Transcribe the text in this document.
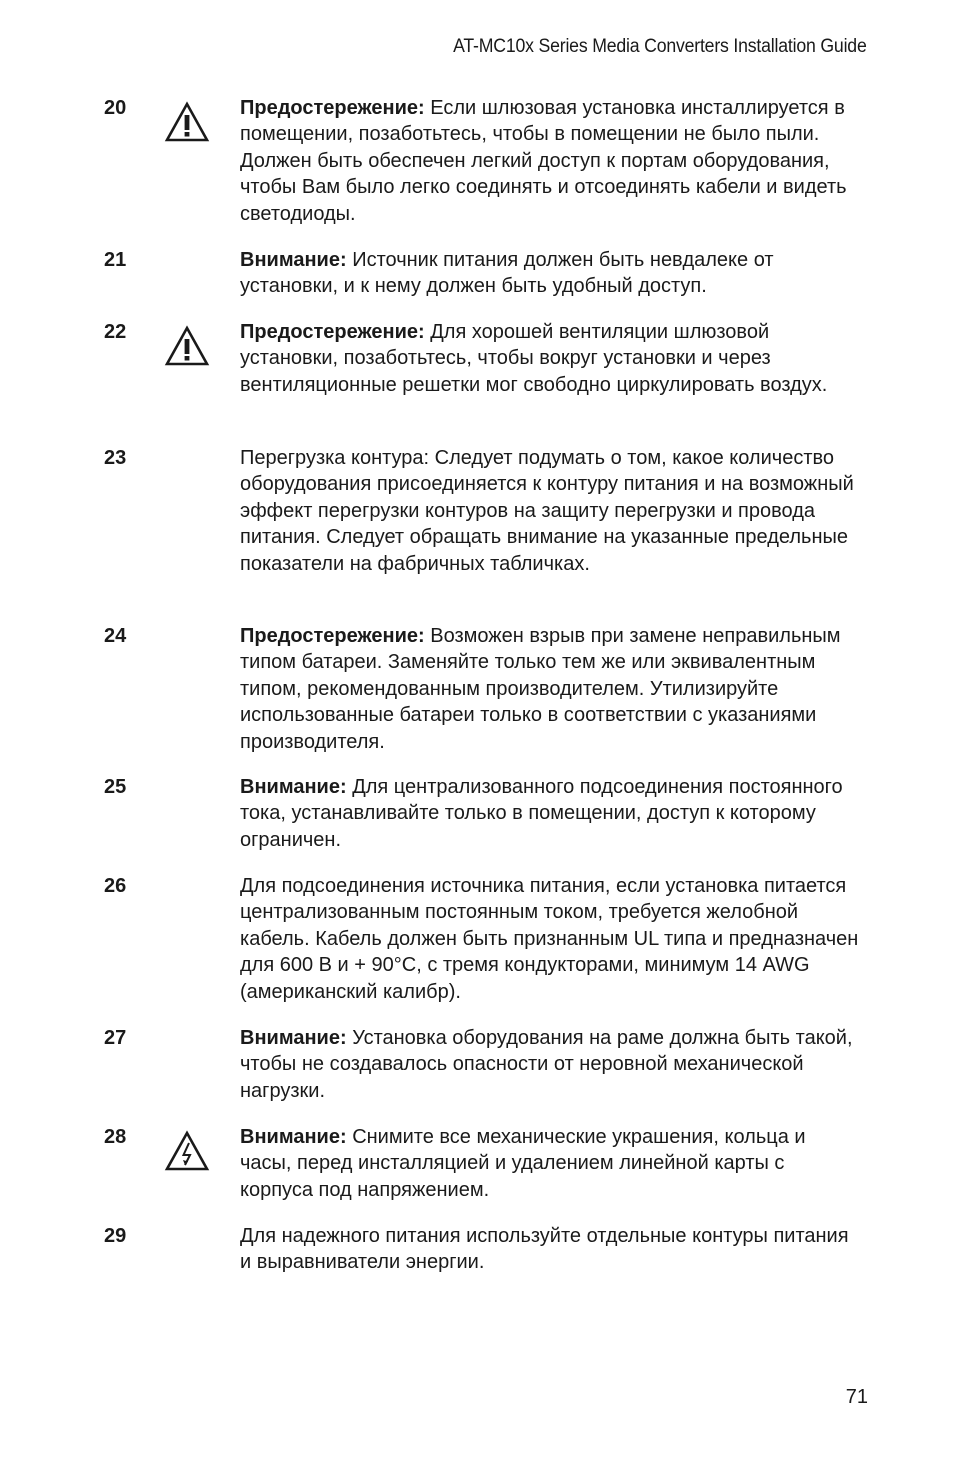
AT-MC10x Series Media Converters Installation Guide
20	Предостережение: Если шлюзовая установка инсталлируется в помещении, позаботьтесь, чтобы в помещении не было пыли. Должен быть обеспечен легкий доступ к портам оборудования, чтобы Вам было легко соединять и отсоединять кабели и видеть светодиоды.
21	Внимание: Источник питания должен быть невдалеке от установки, и к нему должен быть удобный доступ.
22	Предостережение: Для хорошей вентиляции шлюзовой установки, позаботьтесь, чтобы вокруг установки и через вентиляционные решетки мог свободно циркулировать воздух.
23	Перегрузка контура: Следует подумать о том, какое количество оборудования присоединяется к контуру питания и на возможный эффект перегрузки контуров на защиту перегрузки и провода питания. Следует обращать внимание на указанные предельные показатели на фабричных табличках.
24	Предостережение: Возможен взрыв при замене неправильным типом батареи. Заменяйте только тем же или эквивалентным типом, рекомендованным производителем. Утилизируйте использованные батареи только в соответствии с указаниями производителя.
25	Внимание: Для централизованного подсоединения постоянного тока, устанавливайте только в помещении, доступ к которому ограничен.
26	Для подсоединения источника питания, если установка питается централизованным постоянным током, требуется желобной кабель. Кабель должен быть признанным UL типа и предназначен для 600 В и + 90°C, с тремя кондукторами, минимум 14 AWG (американский калибр).
27	Внимание: Установка оборудования на раме должна быть такой, чтобы не создавалось опасности от неровной механической нагрузки.
28	Внимание: Снимите все механические украшения, кольца и часы, перед инсталляцией и удалением линейной карты с корпуса под напряжением.
29	Для надежного питания используйте отдельные контуры питания и выравниватели энергии.
71
